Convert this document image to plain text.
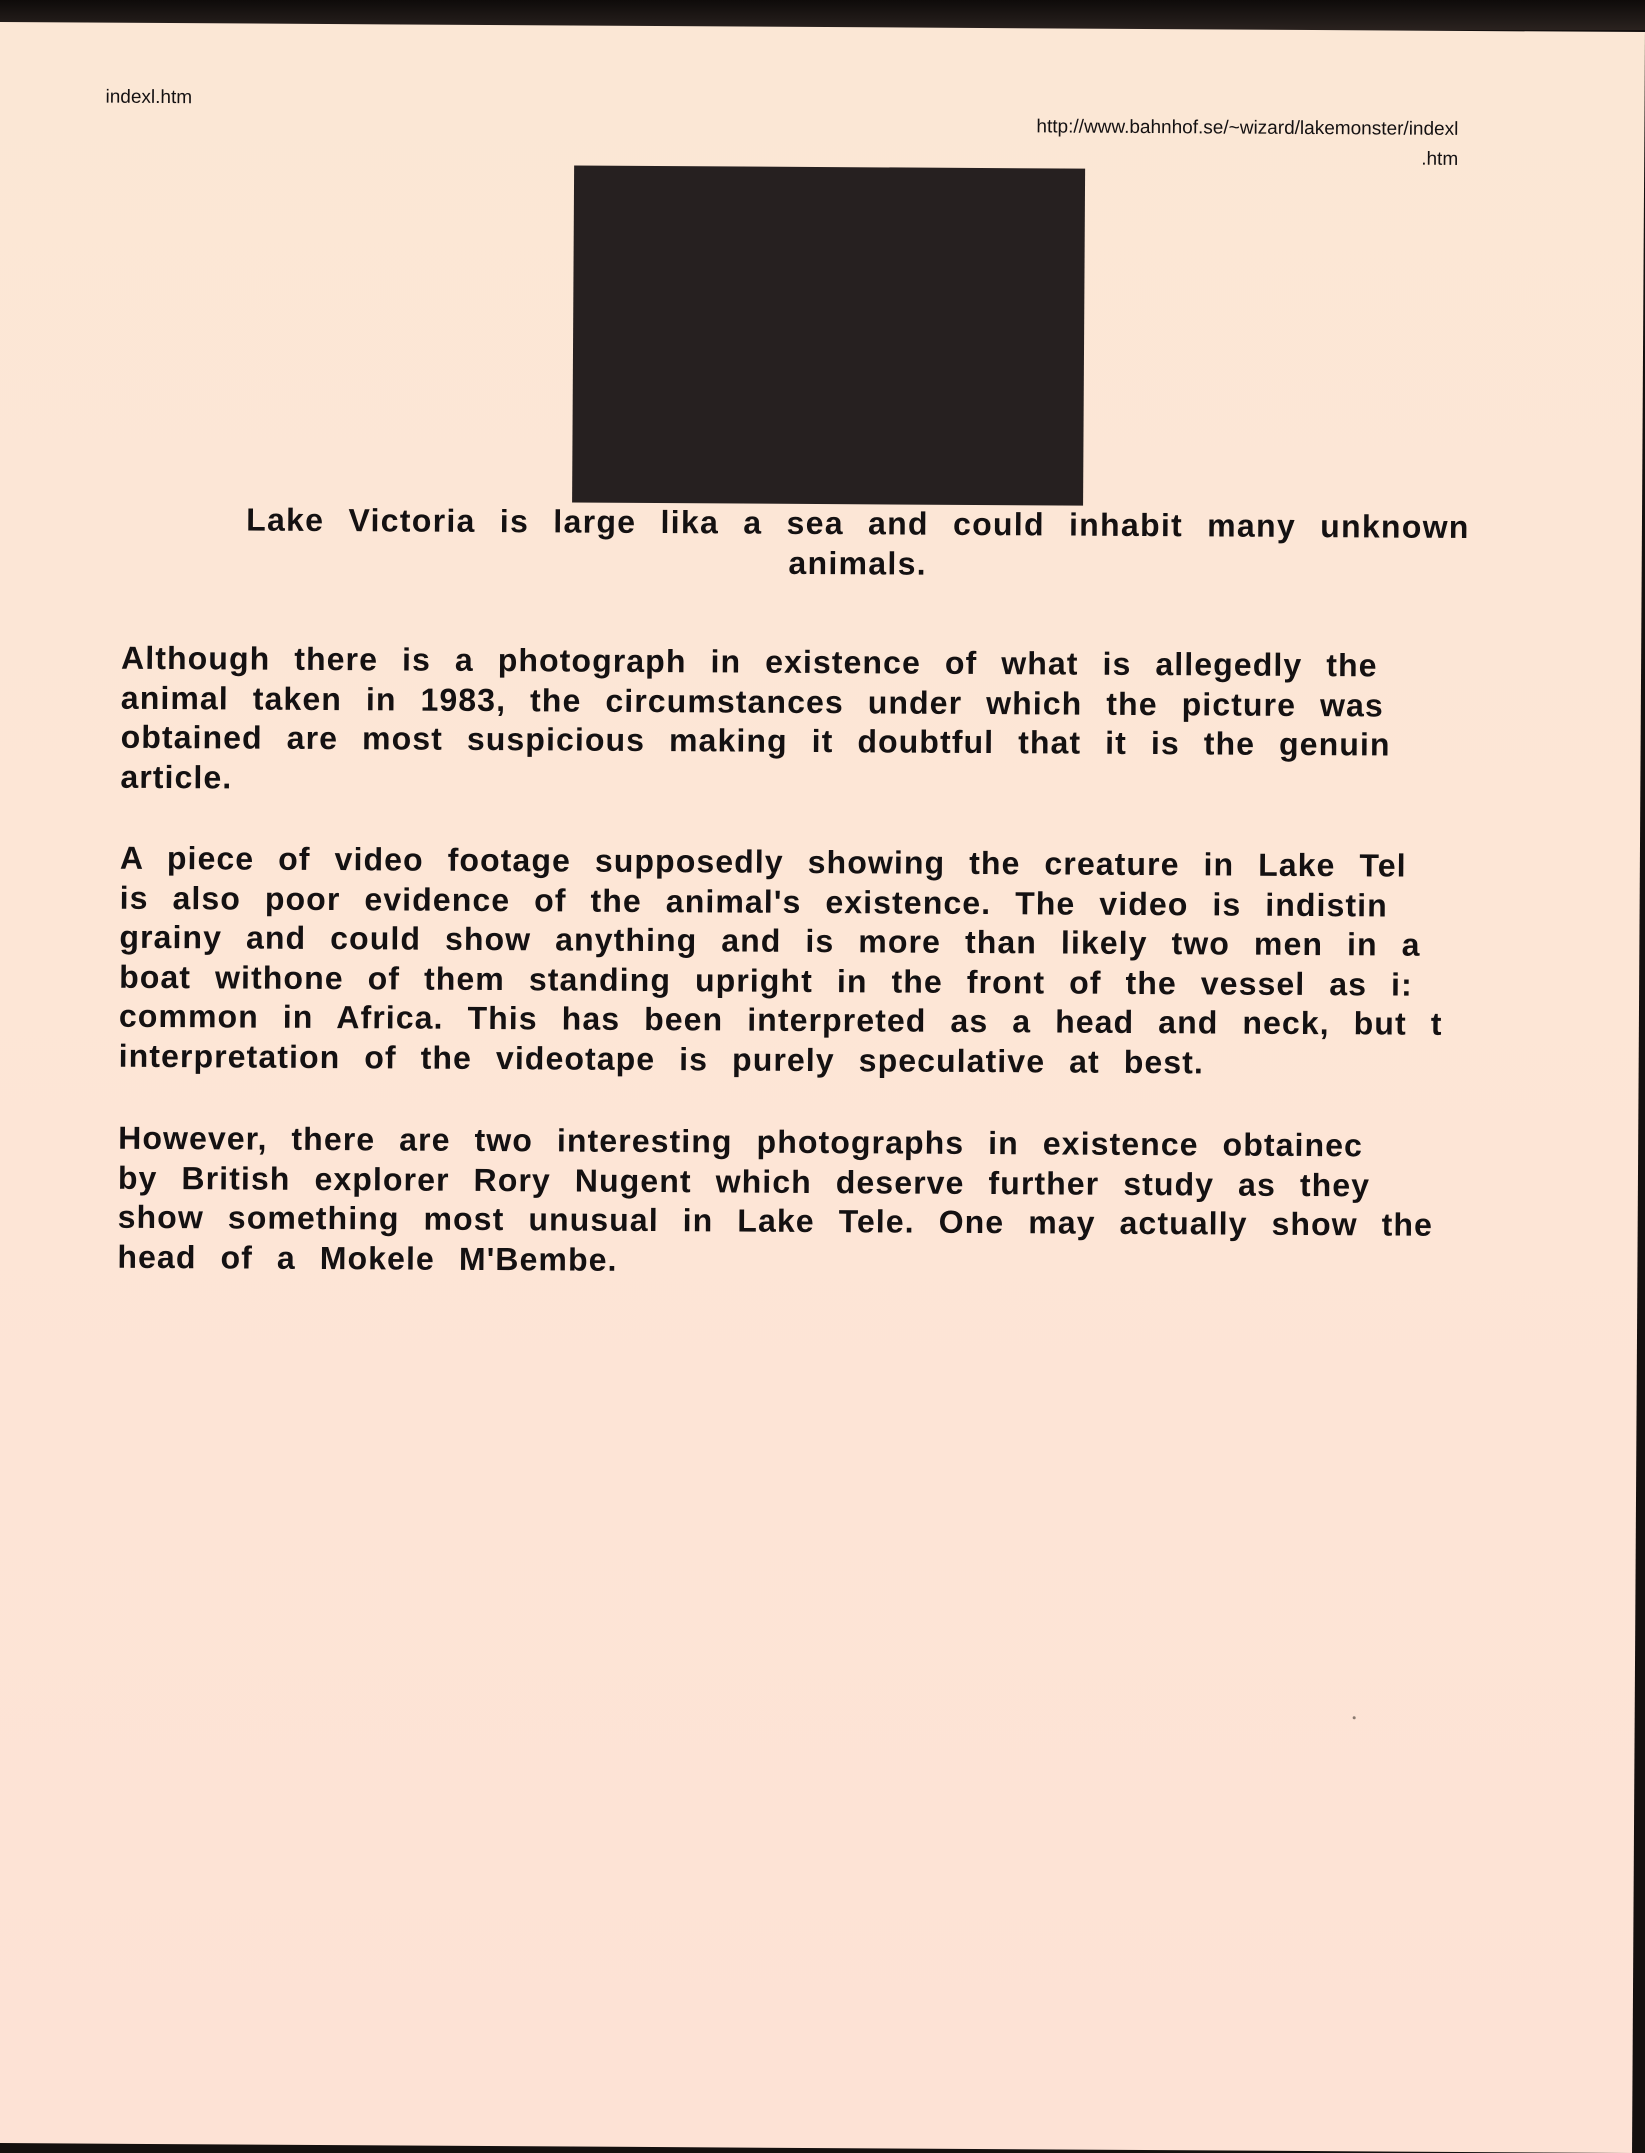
indexl.htm
http://www.bahnhof.se/~wizard/lakemonster/indexl
.htm
Lake Victoria is large lika a sea and could inhabit many unknown
animals.
Although there is a photograph in existence of what is allegedly the
animal taken in 1983, the circumstances under which the picture was
obtained are most suspicious making it doubtful that it is the genuin
article.
A piece of video footage supposedly showing the creature in Lake Tel
is also poor evidence of the animal's existence. The video is indistin
grainy and could show anything and is more than likely two men in a
boat withone of them standing upright in the front of the vessel as i:
common in Africa. This has been interpreted as a head and neck, but t
interpretation of the videotape is purely speculative at best.
However, there are two interesting photographs in existence obtainec
by British explorer Rory Nugent which deserve further study as they
show something most unusual in Lake Tele. One may actually show the
head of a Mokele M'Bembe.
